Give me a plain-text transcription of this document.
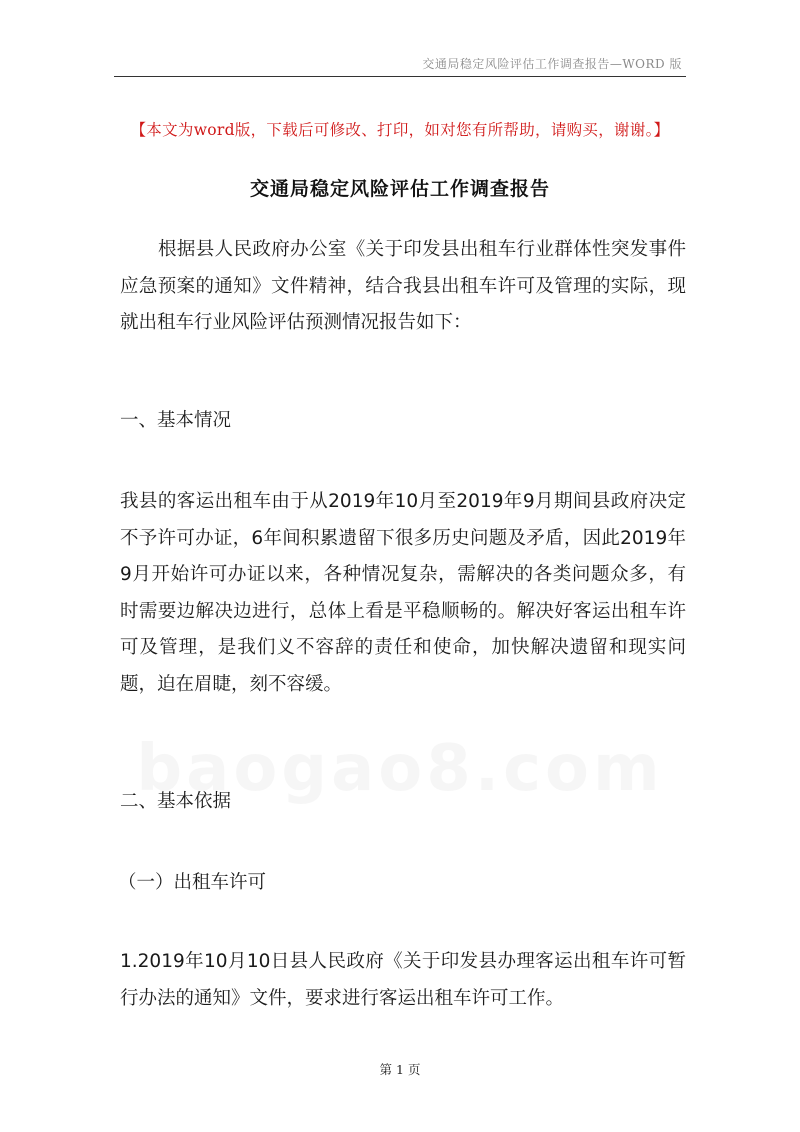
交通局稳定风险评估工作调查报告—WORD 版
【本文为word版，下载后可修改、打印，如对您有所帮助，请购买，谢谢。】
交通局稳定风险评估工作调查报告

根据县人民政府办公室《关于印发县出租车行业群体性突发事件应急预案的通知》文件精神，结合我县出租车许可及管理的实际，现就出租车行业风险评估预测情况报告如下：

一、基本情况

我县的客运出租车由于从2019年10月至2019年9月期间县政府决定不予许可办证，6年间积累遗留下很多历史问题及矛盾，因此2019年9月开始许可办证以来，各种情况复杂，需解决的各类问题众多，有时需要边解决边进行，总体上看是平稳顺畅的。解决好客运出租车许可及管理，是我们义不容辞的责任和使命，加快解决遗留和现实问题，迫在眉睫，刻不容缓。

二、基本依据
（一）出租车许可

1.2019年10月10日县人民政府《关于印发县办理客运出租车许可暂行办法的通知》文件，要求进行客运出租车许可工作。

第 1 页
